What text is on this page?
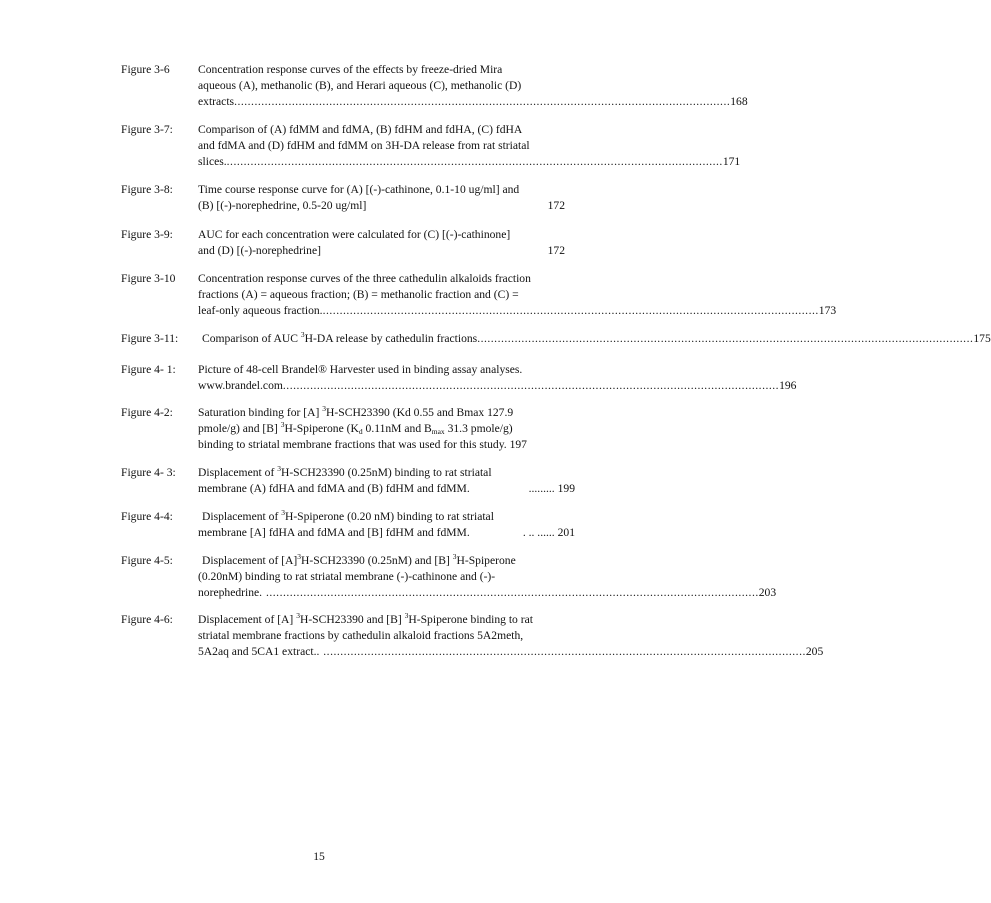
Figure 3-6	Concentration response curves of the effects by freeze-dried Mira
aqueous (A), methanolic (B), and Herari aqueous (C), methanolic (D)
extracts .................................................................................................................................................. 168
Figure 3-7:	Comparison of (A) fdMM and fdMA, (B) fdHM and fdHA, (C) fdHA
and fdMA and (D) fdHM and fdMM on 3H-DA release from rat striatal
slices. .................................................................................................................................................. 171
Figure 3-8:	Time course response curve for (A) [(-)-cathinone, 0.1-10 ug/ml] and
(B) [(-)-norephedrine, 0.5-20 ug/ml]	172
Figure 3-9:	AUC for each concentration were calculated for (C) [(-)-cathinone]
and (D) [(-)-norephedrine]	172
Figure 3-10	Concentration response curves of the three cathedulin alkaloids fraction
fractions (A) = aqueous fraction; (B) = methanolic fraction and (C) =
leaf-only aqueous fraction. .................................................................................................................................................. 173
Figure 3-11:	Comparison of AUC $^3$H-DA release by cathedulin fractions .................................................................................................................................................. 175
Figure 4- 1:	Picture of 48-cell Brandel® Harvester used in binding assay analyses.
www.brandel.com .................................................................................................................................................. 196
Figure 4-2:	Saturation binding for [A] $^3$H-SCH23390 (Kd 0.55 and Bmax 127.9
pmole/g) and [B] $^3$H-Spiperone ($K_d$ 0.11nM and $B_{max}$ 31.3 pmole/g)
binding to striatal membrane fractions that was used for this study. 197
Figure 4- 3:	Displacement of $^3$H-SCH23390 (0.25nM) binding to rat striatal
membrane (A) fdHA and fdMA and (B) fdHM and fdMM.	......... 199
Figure 4-4:	Displacement of $^3$H-Spiperone (0.20 nM) binding to rat striatal
membrane [A] fdHA and fdMA and [B] fdHM and fdMM.	. .. ...... 201
Figure 4-5:	Displacement of $[A]^3H-SCH23390$ (0.25nM) and [B] $^3$H-Spiperone
(0.20nM) binding to rat striatal membrane (-)-cathinone and (-)-
norephedrine . ................................................................................................................................................. 203
Figure 4-6:	Displacement of [A] $^3$H-SCH23390 and [B] $^3$H-Spiperone binding to rat
striatal membrane fractions by cathedulin alkaloid fractions 5A2meth,
5A2aq and 5CA1 extract. . .............................................................................................................................................. 205
15
